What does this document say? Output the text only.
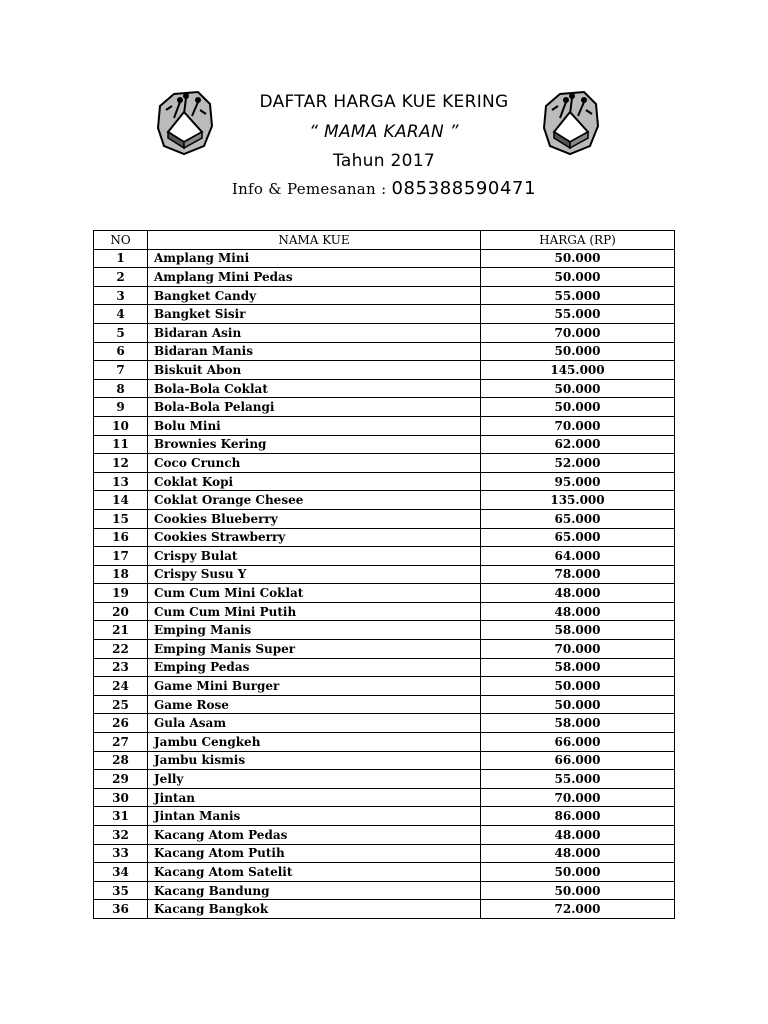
DAFTAR HARGA KUE KERING
“ MAMA KARAN ”
Tahun 2017
Info & Pemesanan : 085388590471
NO	NAMA KUE	HARGA (RP)
1	Amplang Mini	50.000
2	Amplang Mini Pedas	50.000
3	Bangket Candy	55.000
4	Bangket Sisir	55.000
5	Bidaran Asin	70.000
6	Bidaran Manis	50.000
7	Biskuit Abon	145.000
8	Bola-Bola Coklat	50.000
9	Bola-Bola Pelangi	50.000
10	Bolu Mini	70.000
11	Brownies Kering	62.000
12	Coco Crunch	52.000
13	Coklat Kopi	95.000
14	Coklat Orange Chesee	135.000
15	Cookies Blueberry	65.000
16	Cookies Strawberry	65.000
17	Crispy Bulat	64.000
18	Crispy Susu Y	78.000
19	Cum Cum Mini Coklat	48.000
20	Cum Cum Mini Putih	48.000
21	Emping Manis	58.000
22	Emping Manis Super	70.000
23	Emping Pedas	58.000
24	Game Mini Burger	50.000
25	Game Rose	50.000
26	Gula Asam	58.000
27	Jambu Cengkeh	66.000
28	Jambu kismis	66.000
29	Jelly	55.000
30	Jintan	70.000
31	Jintan Manis	86.000
32	Kacang Atom Pedas	48.000
33	Kacang Atom Putih	48.000
34	Kacang Atom Satelit	50.000
35	Kacang Bandung	50.000
36	Kacang Bangkok	72.000
